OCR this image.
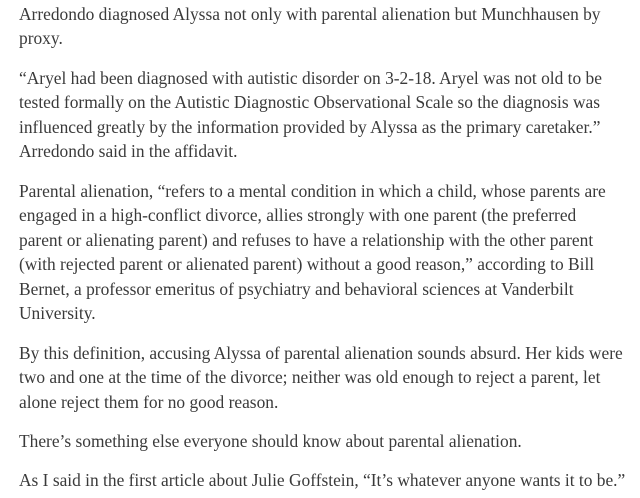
Arredondo diagnosed Alyssa not only with parental alienation but Munchhausen by
proxy.

“Aryel had been diagnosed with autistic disorder on 3-2-18. Aryel was not old to be
tested formally on the Autistic Diagnostic Observational Scale so the diagnosis was
influenced greatly by the information provided by Alyssa as the primary caretaker.”
Arredondo said in the affidavit.

Parental alienation, “refers to a mental condition in which a child, whose parents are
engaged in a high-conflict divorce, allies strongly with one parent (the preferred
parent or alienating parent) and refuses to have a relationship with the other parent
(with rejected parent or alienated parent) without a good reason,” according to Bill
Bernet, a professor emeritus of psychiatry and behavioral sciences at Vanderbilt
University.

By this definition, accusing Alyssa of parental alienation sounds absurd. Her kids were
two and one at the time of the divorce; neither was old enough to reject a parent, let
alone reject them for no good reason.

There’s something else everyone should know about parental alienation.

As I said in the first article about Julie Goffstein, “It’s whatever anyone wants it to be.”
